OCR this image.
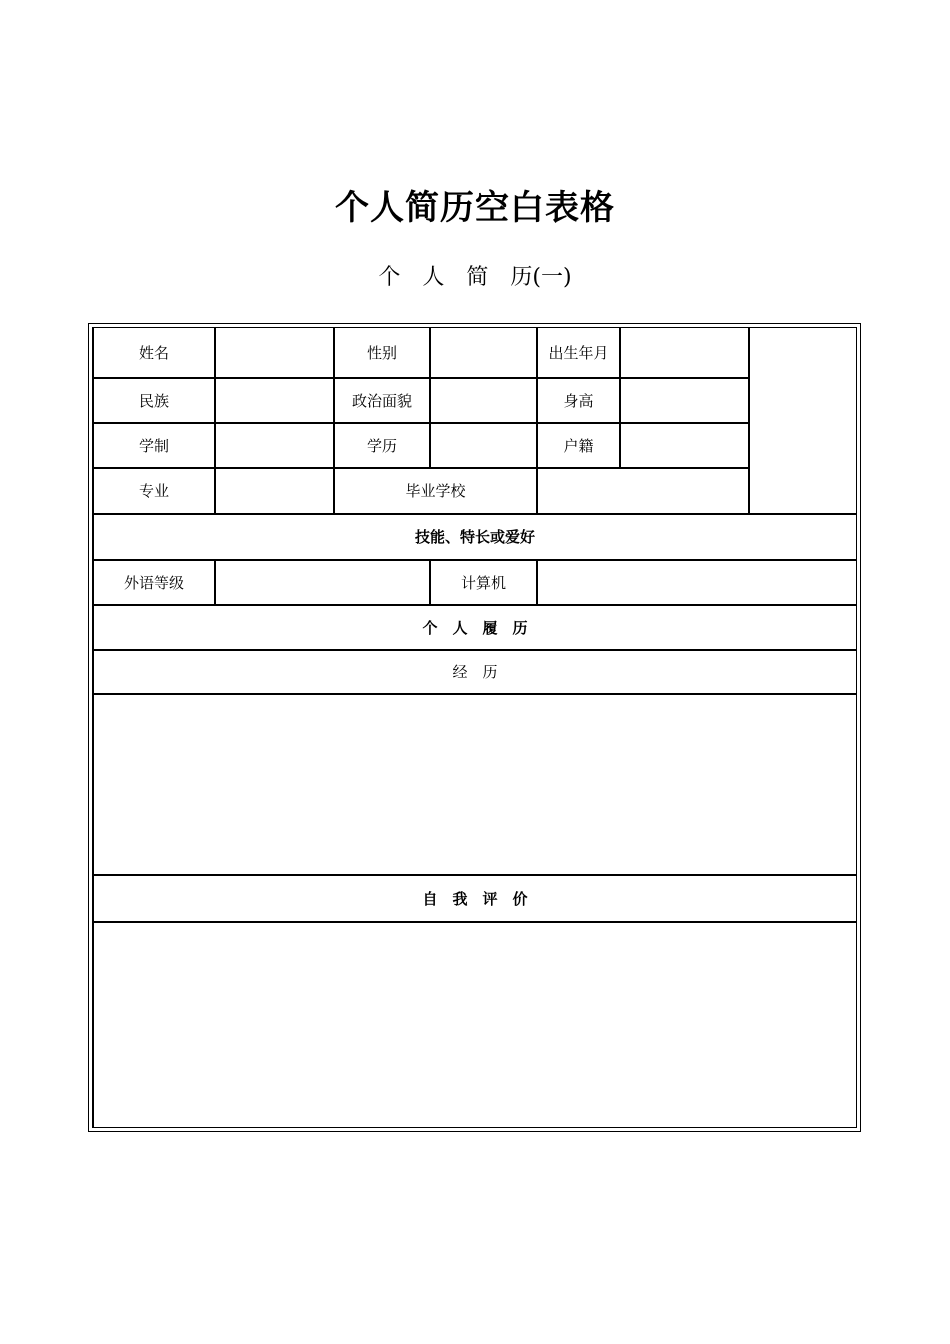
个人简历空白表格
个　人　简　历(一)
姓名	性别	出生年月
民族	政治面貌	身高
学制	学历	户籍
专业	毕业学校
技能、特长或爱好
外语等级	计算机
个　人　履　历
经　历
自　我　评　价
